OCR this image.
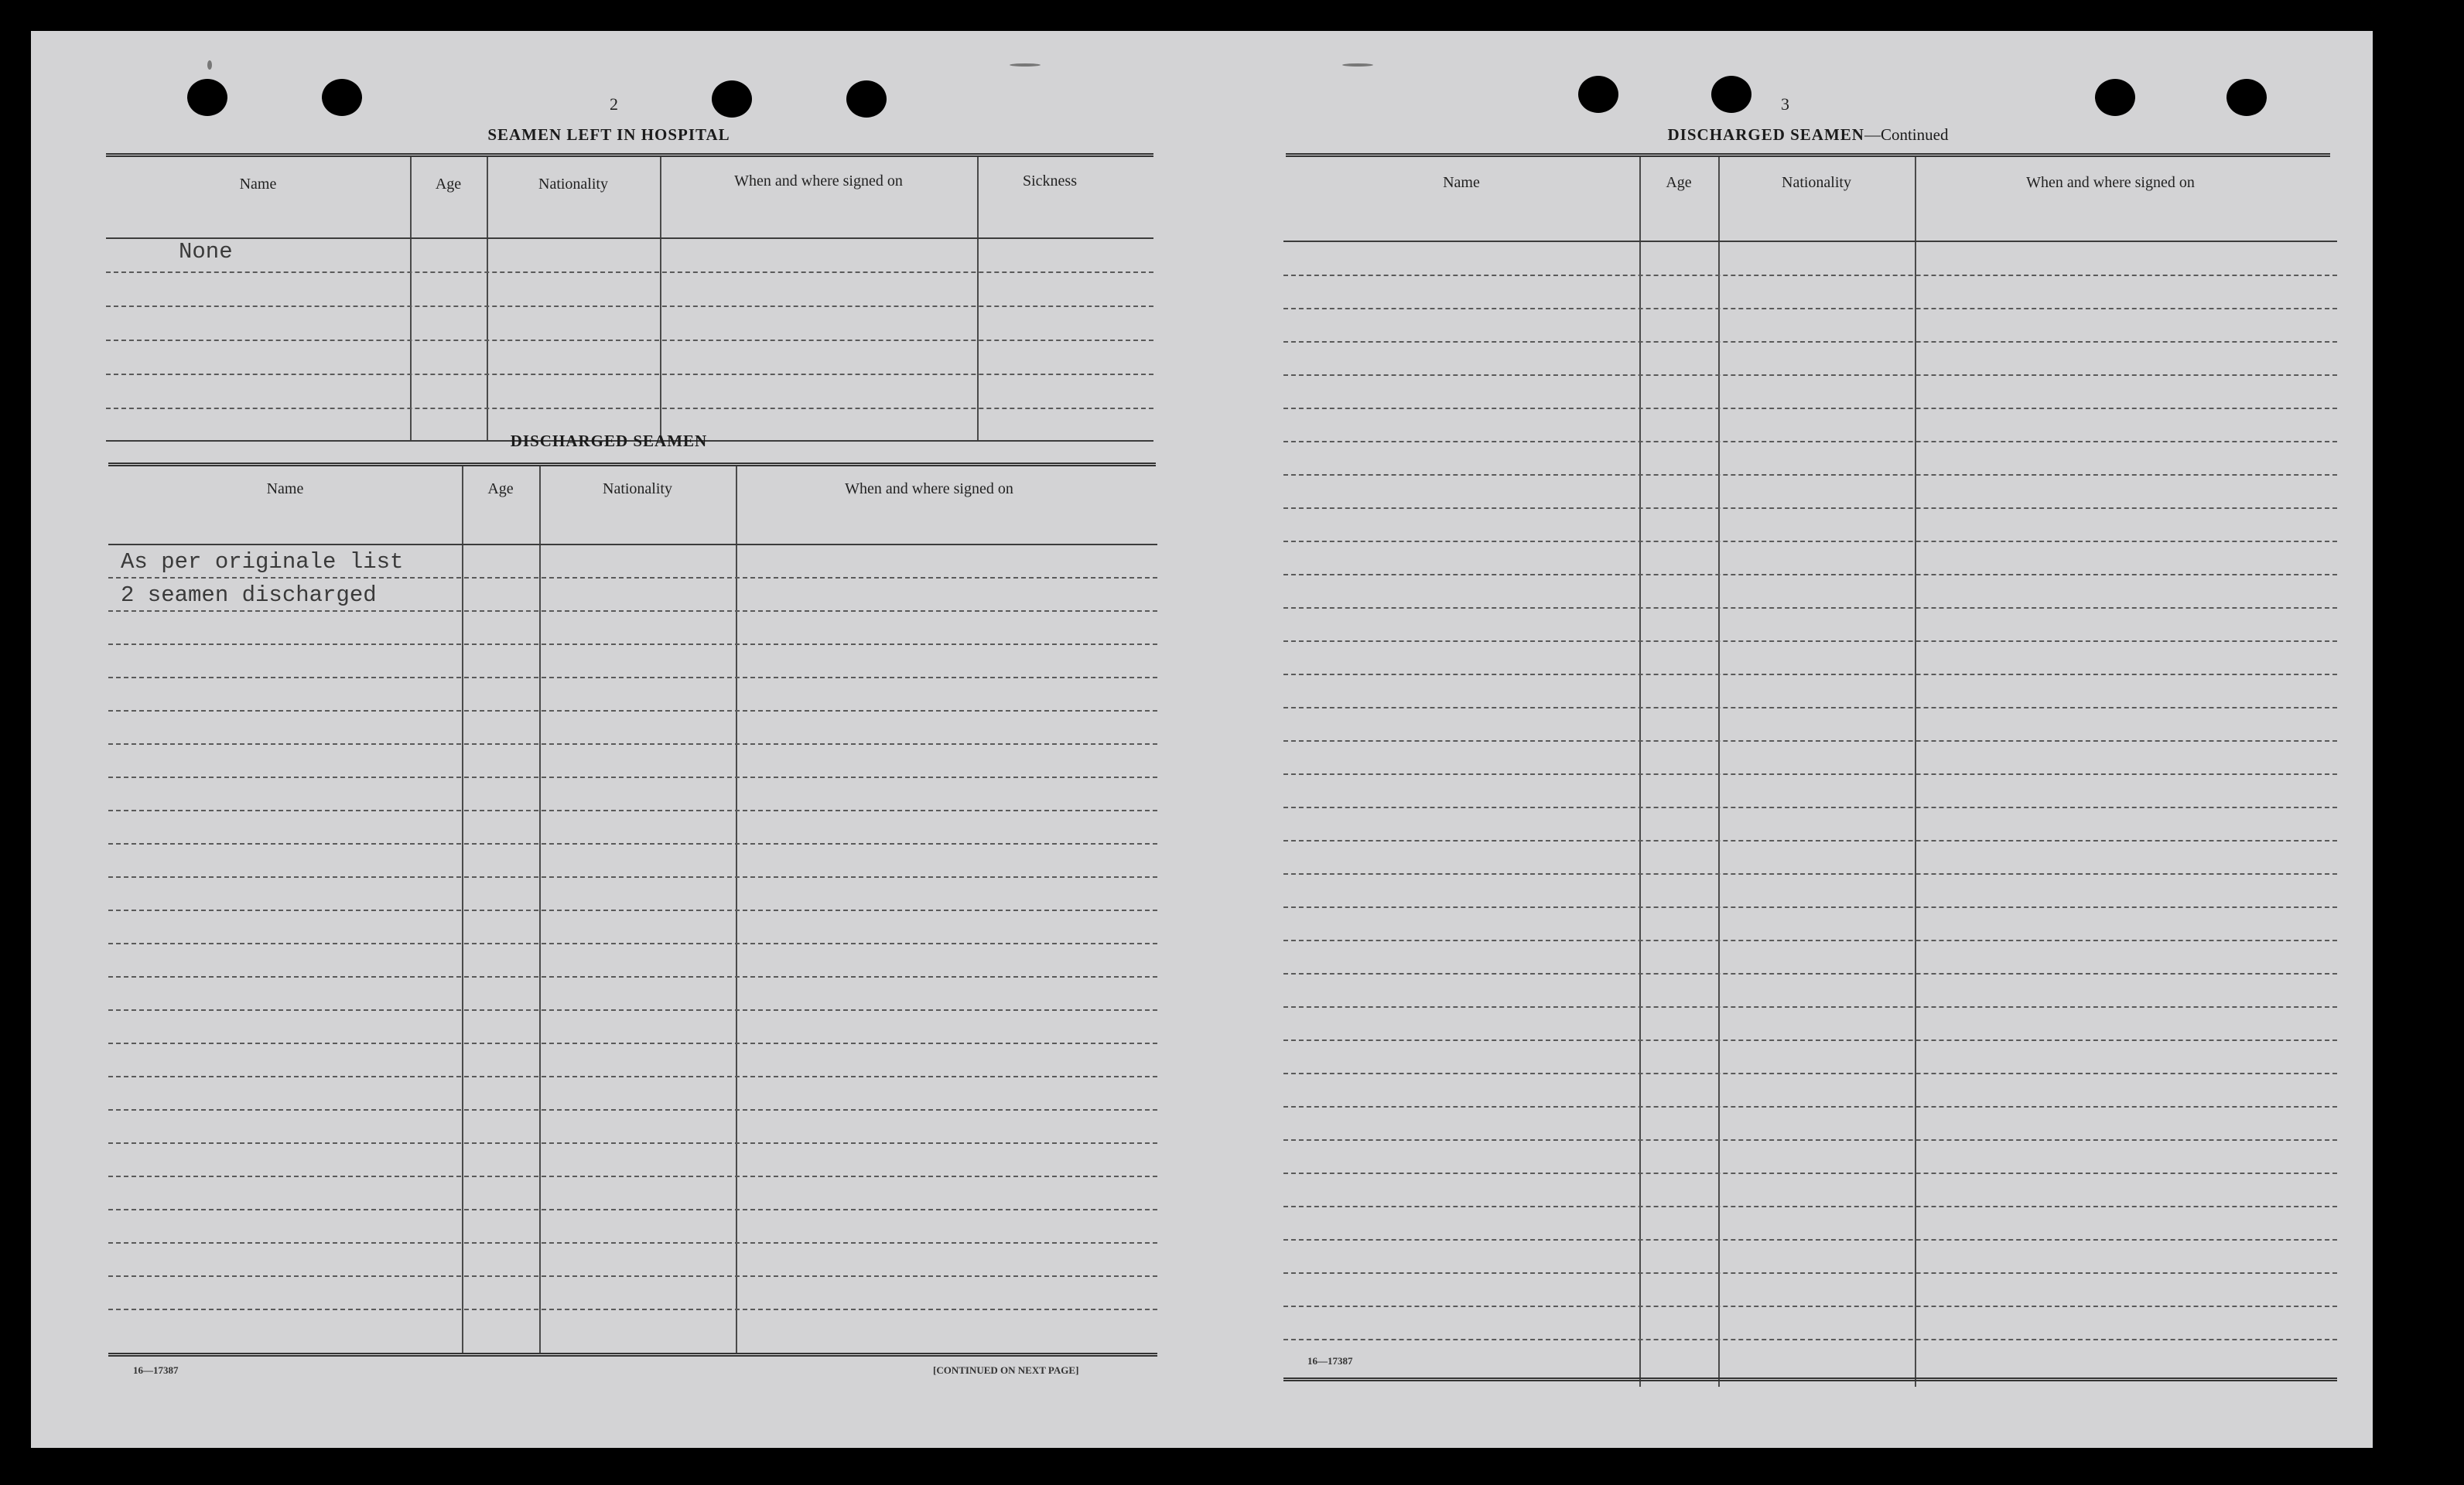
2
SEAMEN LEFT IN HOSPITAL
Name	Age	Nationality	When and where signed on	Sickness
None
DISCHARGED SEAMEN
Name	Age	Nationality	When and where signed on
As per originale list
2 seamen discharged
16—17387	[CONTINUED ON NEXT PAGE]
3
DISCHARGED SEAMEN—Continued
Name	Age	Nationality	When and where signed on
16—17387
